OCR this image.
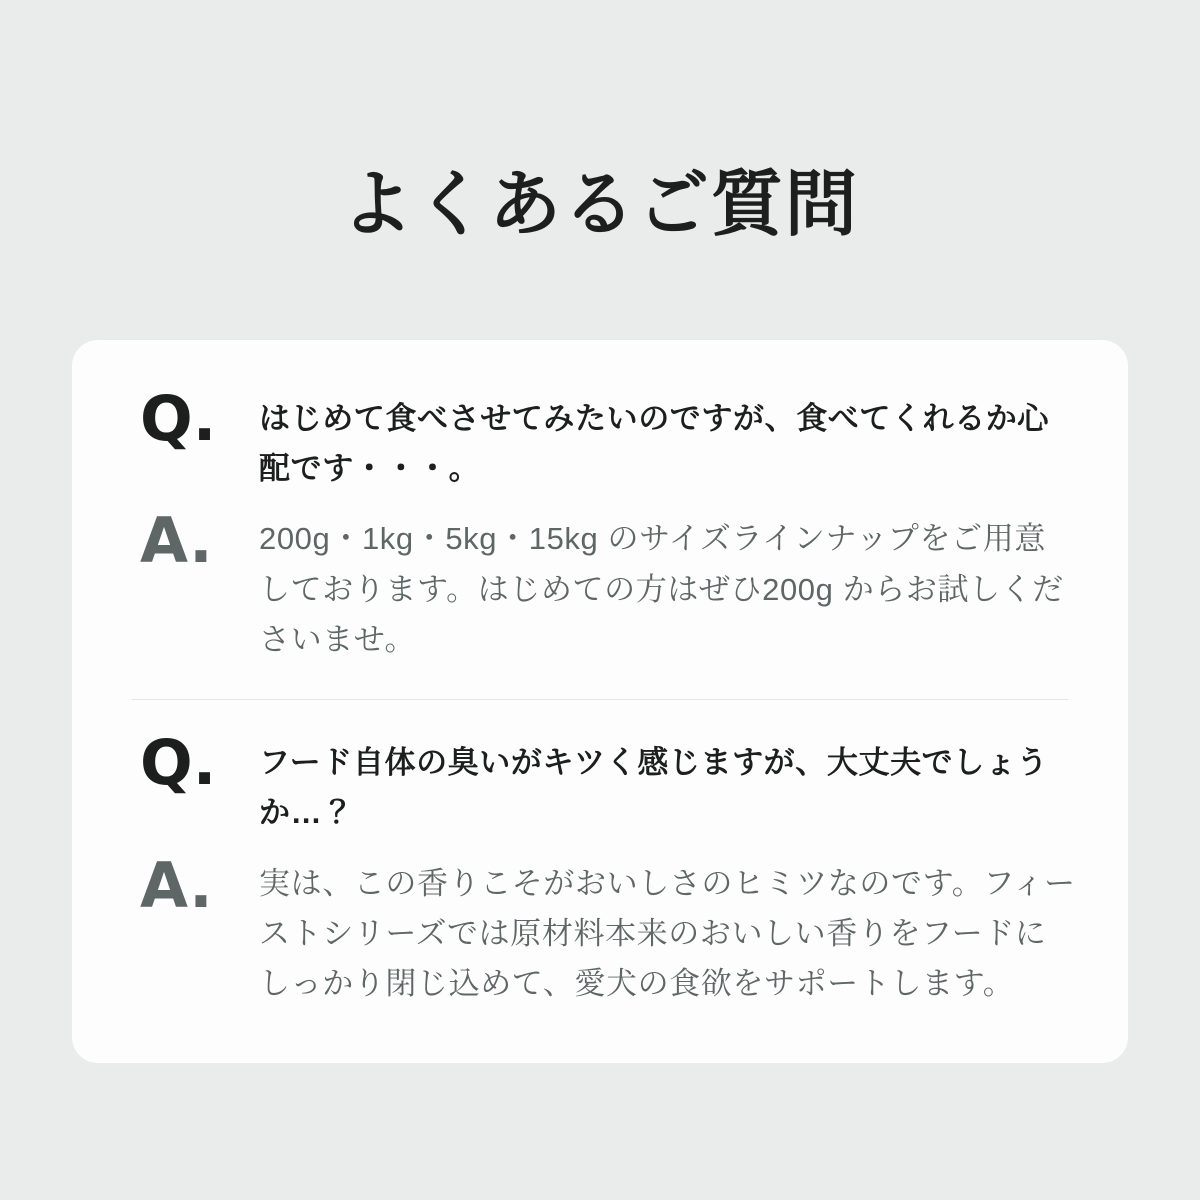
よくあるご質問
Q.	はじめて食べさせてみたいのですが、食べてくれるか心配です・・・。
A.	200g・1kg・5kg・15kg のサイズラインナップをご用意しております。はじめての方はぜひ200g からお試しくださいませ。
Q.	フード自体の臭いがキツく感じますが、大丈夫でしょうか…？
A.	実は、この香りこそがおいしさのヒミツなのです。フィーストシリーズでは原材料本来のおいしい香りをフードにしっかり閉じ込めて、愛犬の食欲をサポートします。
